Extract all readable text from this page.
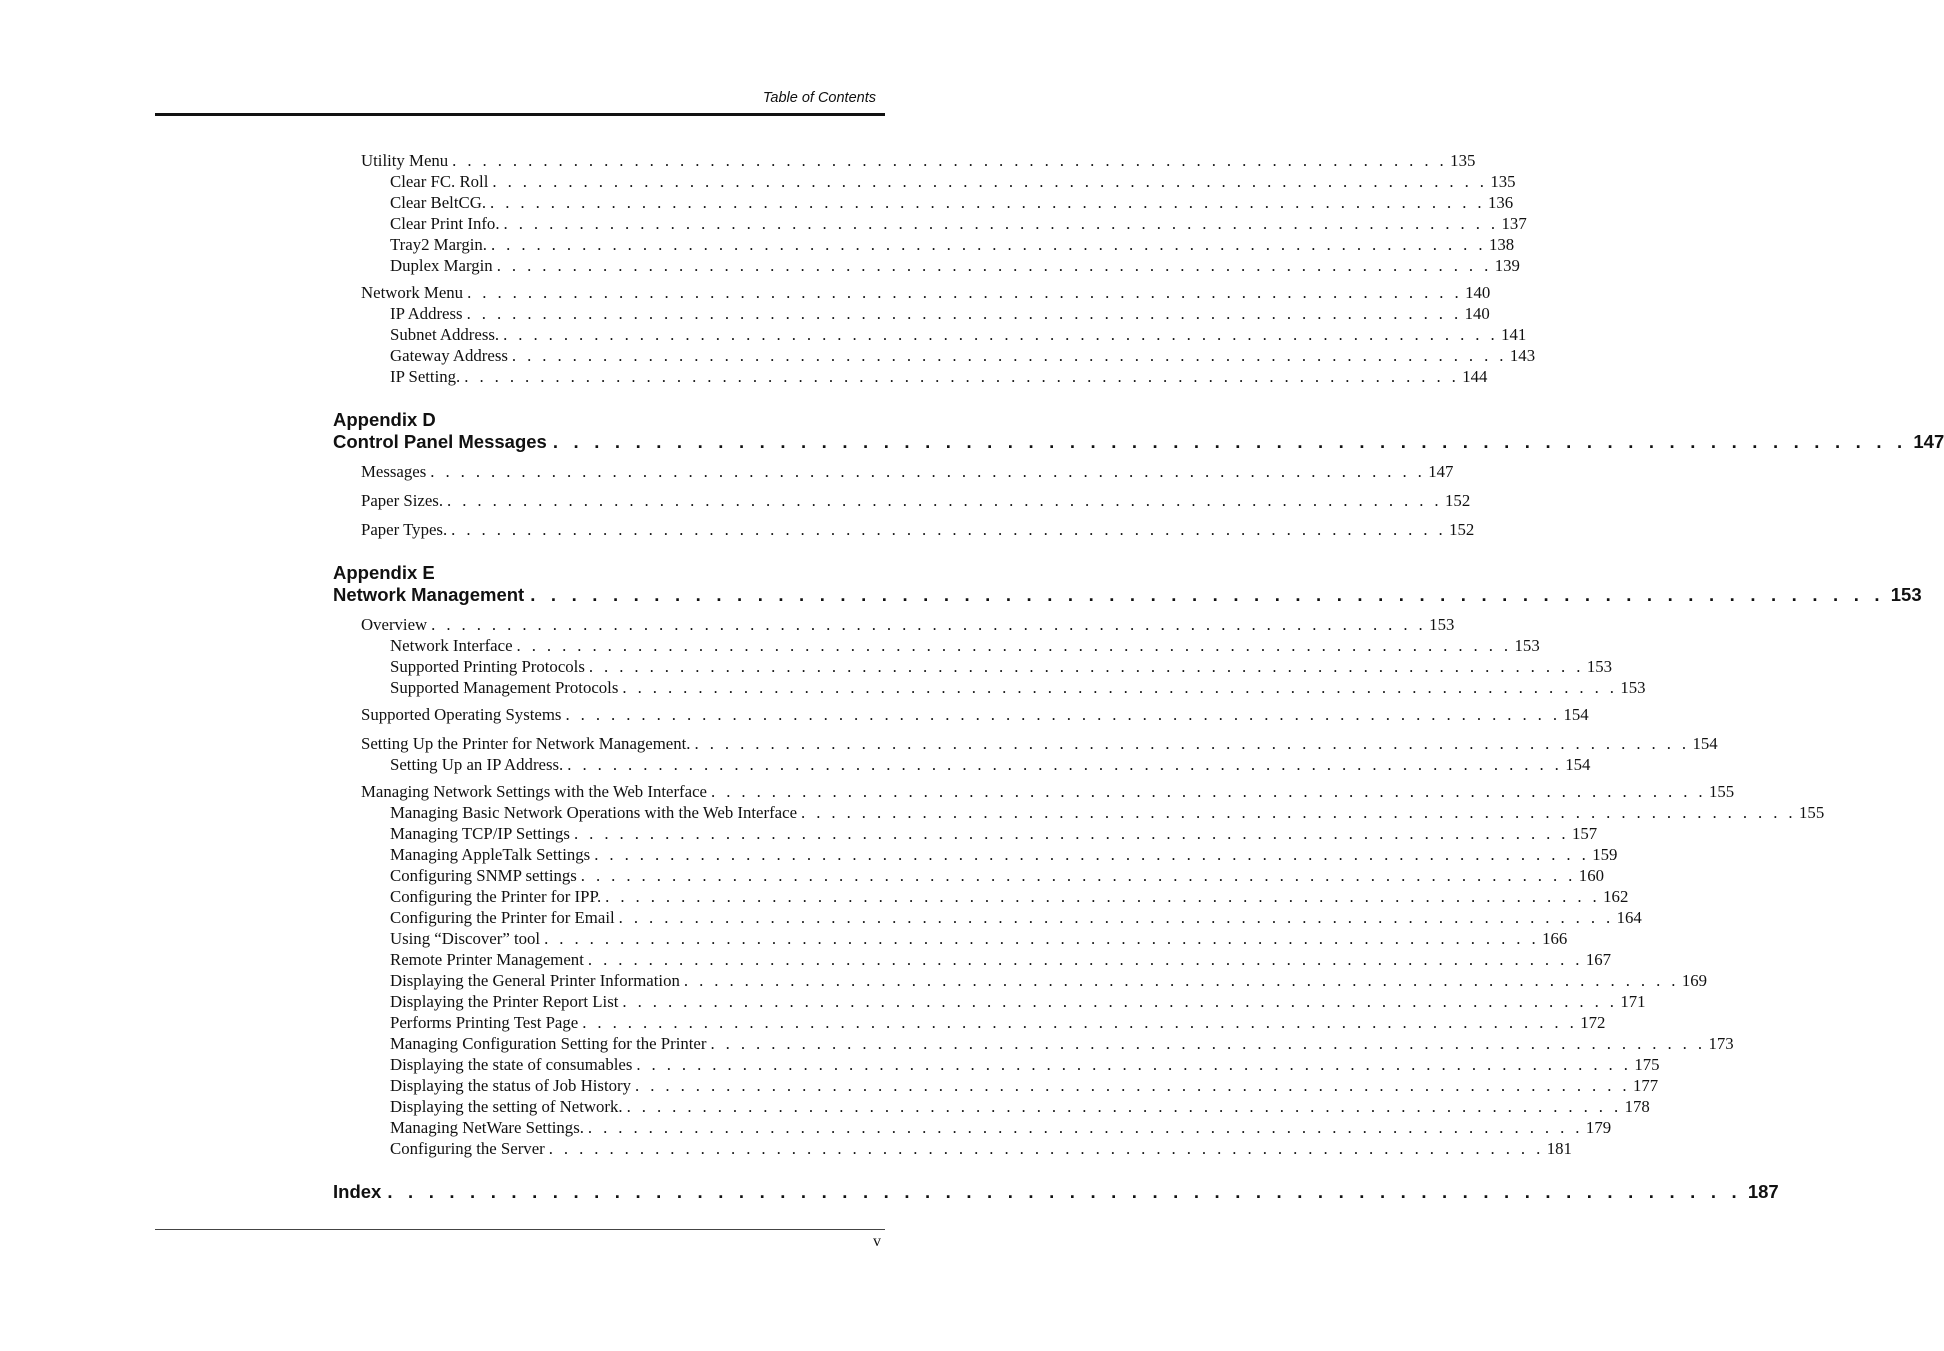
Table of Contents
Utility Menu . . . . . . . . . . . . . . . . . . . . . . . . . . . . . . . . . . . . . . . . . . . . . . . . . . . . . . . . . . . . . . . . . . 135
Clear FC. Roll . . . . . . . . . . . . . . . . . . . . . . . . . . . . . . . . . . . . . . . . . . . . . . . . . . . . . . . . . . . . . . . . . . 135
Clear BeltCG. . . . . . . . . . . . . . . . . . . . . . . . . . . . . . . . . . . . . . . . . . . . . . . . . . . . . . . . . . . . . . . . . . . 136
Clear Print Info. . . . . . . . . . . . . . . . . . . . . . . . . . . . . . . . . . . . . . . . . . . . . . . . . . . . . . . . . . . . . . . . . . . 137
Tray2 Margin. . . . . . . . . . . . . . . . . . . . . . . . . . . . . . . . . . . . . . . . . . . . . . . . . . . . . . . . . . . . . . . . . . . 138
Duplex Margin . . . . . . . . . . . . . . . . . . . . . . . . . . . . . . . . . . . . . . . . . . . . . . . . . . . . . . . . . . . . . . . . . . 139
Network Menu . . . . . . . . . . . . . . . . . . . . . . . . . . . . . . . . . . . . . . . . . . . . . . . . . . . . . . . . . . . . . . . . . . 140
IP Address . . . . . . . . . . . . . . . . . . . . . . . . . . . . . . . . . . . . . . . . . . . . . . . . . . . . . . . . . . . . . . . . . . 140
Subnet Address. . . . . . . . . . . . . . . . . . . . . . . . . . . . . . . . . . . . . . . . . . . . . . . . . . . . . . . . . . . . . . . . . . . 141
Gateway Address . . . . . . . . . . . . . . . . . . . . . . . . . . . . . . . . . . . . . . . . . . . . . . . . . . . . . . . . . . . . . . . . . . 143
IP Setting. . . . . . . . . . . . . . . . . . . . . . . . . . . . . . . . . . . . . . . . . . . . . . . . . . . . . . . . . . . . . . . . . . . 144
Appendix D
Control Panel Messages . . . . . . . . . . . . . . . . . . . . . . . . . . . . . . . . . . . . . . . . . . . . . . . . . . . . . . . . . . . . . . . . . . 147
Messages . . . . . . . . . . . . . . . . . . . . . . . . . . . . . . . . . . . . . . . . . . . . . . . . . . . . . . . . . . . . . . . . . . 147
Paper Sizes. . . . . . . . . . . . . . . . . . . . . . . . . . . . . . . . . . . . . . . . . . . . . . . . . . . . . . . . . . . . . . . . . . . 152
Paper Types. . . . . . . . . . . . . . . . . . . . . . . . . . . . . . . . . . . . . . . . . . . . . . . . . . . . . . . . . . . . . . . . . . . 152
Appendix E
Network Management . . . . . . . . . . . . . . . . . . . . . . . . . . . . . . . . . . . . . . . . . . . . . . . . . . . . . . . . . . . . . . . . . . 153
Overview . . . . . . . . . . . . . . . . . . . . . . . . . . . . . . . . . . . . . . . . . . . . . . . . . . . . . . . . . . . . . . . . . . 153
Network Interface . . . . . . . . . . . . . . . . . . . . . . . . . . . . . . . . . . . . . . . . . . . . . . . . . . . . . . . . . . . . . . . . . . 153
Supported Printing Protocols . . . . . . . . . . . . . . . . . . . . . . . . . . . . . . . . . . . . . . . . . . . . . . . . . . . . . . . . . . . . . . . . . . 153
Supported Management Protocols . . . . . . . . . . . . . . . . . . . . . . . . . . . . . . . . . . . . . . . . . . . . . . . . . . . . . . . . . . . . . . . . . . 153
Supported Operating Systems . . . . . . . . . . . . . . . . . . . . . . . . . . . . . . . . . . . . . . . . . . . . . . . . . . . . . . . . . . . . . . . . . . 154
Setting Up the Printer for Network Management. . . . . . . . . . . . . . . . . . . . . . . . . . . . . . . . . . . . . . . . . . . . . . . . . . . . . . . . . . . . . . . . . . . 154
Setting Up an IP Address. . . . . . . . . . . . . . . . . . . . . . . . . . . . . . . . . . . . . . . . . . . . . . . . . . . . . . . . . . . . . . . . . . . 154
Managing Network Settings with the Web Interface . . . . . . . . . . . . . . . . . . . . . . . . . . . . . . . . . . . . . . . . . . . . . . . . . . . . . . . . . . . . . . . . . . 155
Managing Basic Network Operations with the Web Interface . . . . . . . . . . . . . . . . . . . . . . . . . . . . . . . . . . . . . . . . . . . . . . . . . . . . . . . . . . . . . . . . . . 155
Managing TCP/IP Settings . . . . . . . . . . . . . . . . . . . . . . . . . . . . . . . . . . . . . . . . . . . . . . . . . . . . . . . . . . . . . . . . . . 157
Managing AppleTalk Settings . . . . . . . . . . . . . . . . . . . . . . . . . . . . . . . . . . . . . . . . . . . . . . . . . . . . . . . . . . . . . . . . . . 159
Configuring SNMP settings . . . . . . . . . . . . . . . . . . . . . . . . . . . . . . . . . . . . . . . . . . . . . . . . . . . . . . . . . . . . . . . . . . 160
Configuring the Printer for IPP. . . . . . . . . . . . . . . . . . . . . . . . . . . . . . . . . . . . . . . . . . . . . . . . . . . . . . . . . . . . . . . . . . . 162
Configuring the Printer for Email . . . . . . . . . . . . . . . . . . . . . . . . . . . . . . . . . . . . . . . . . . . . . . . . . . . . . . . . . . . . . . . . . . 164
Using “Discover” tool . . . . . . . . . . . . . . . . . . . . . . . . . . . . . . . . . . . . . . . . . . . . . . . . . . . . . . . . . . . . . . . . . . 166
Remote Printer Management . . . . . . . . . . . . . . . . . . . . . . . . . . . . . . . . . . . . . . . . . . . . . . . . . . . . . . . . . . . . . . . . . . 167
Displaying the General Printer Information . . . . . . . . . . . . . . . . . . . . . . . . . . . . . . . . . . . . . . . . . . . . . . . . . . . . . . . . . . . . . . . . . . 169
Displaying the Printer Report List . . . . . . . . . . . . . . . . . . . . . . . . . . . . . . . . . . . . . . . . . . . . . . . . . . . . . . . . . . . . . . . . . . 171
Performs Printing Test Page . . . . . . . . . . . . . . . . . . . . . . . . . . . . . . . . . . . . . . . . . . . . . . . . . . . . . . . . . . . . . . . . . . 172
Managing Configuration Setting for the Printer . . . . . . . . . . . . . . . . . . . . . . . . . . . . . . . . . . . . . . . . . . . . . . . . . . . . . . . . . . . . . . . . . . 173
Displaying the state of consumables . . . . . . . . . . . . . . . . . . . . . . . . . . . . . . . . . . . . . . . . . . . . . . . . . . . . . . . . . . . . . . . . . . 175
Displaying the status of Job History . . . . . . . . . . . . . . . . . . . . . . . . . . . . . . . . . . . . . . . . . . . . . . . . . . . . . . . . . . . . . . . . . . 177
Displaying the setting of Network. . . . . . . . . . . . . . . . . . . . . . . . . . . . . . . . . . . . . . . . . . . . . . . . . . . . . . . . . . . . . . . . . . . 178
Managing NetWare Settings. . . . . . . . . . . . . . . . . . . . . . . . . . . . . . . . . . . . . . . . . . . . . . . . . . . . . . . . . . . . . . . . . . . 179
Configuring the Server . . . . . . . . . . . . . . . . . . . . . . . . . . . . . . . . . . . . . . . . . . . . . . . . . . . . . . . . . . . . . . . . . . 181
Index . . . . . . . . . . . . . . . . . . . . . . . . . . . . . . . . . . . . . . . . . . . . . . . . . . . . . . . . . . . . . . . . . . 187
v
